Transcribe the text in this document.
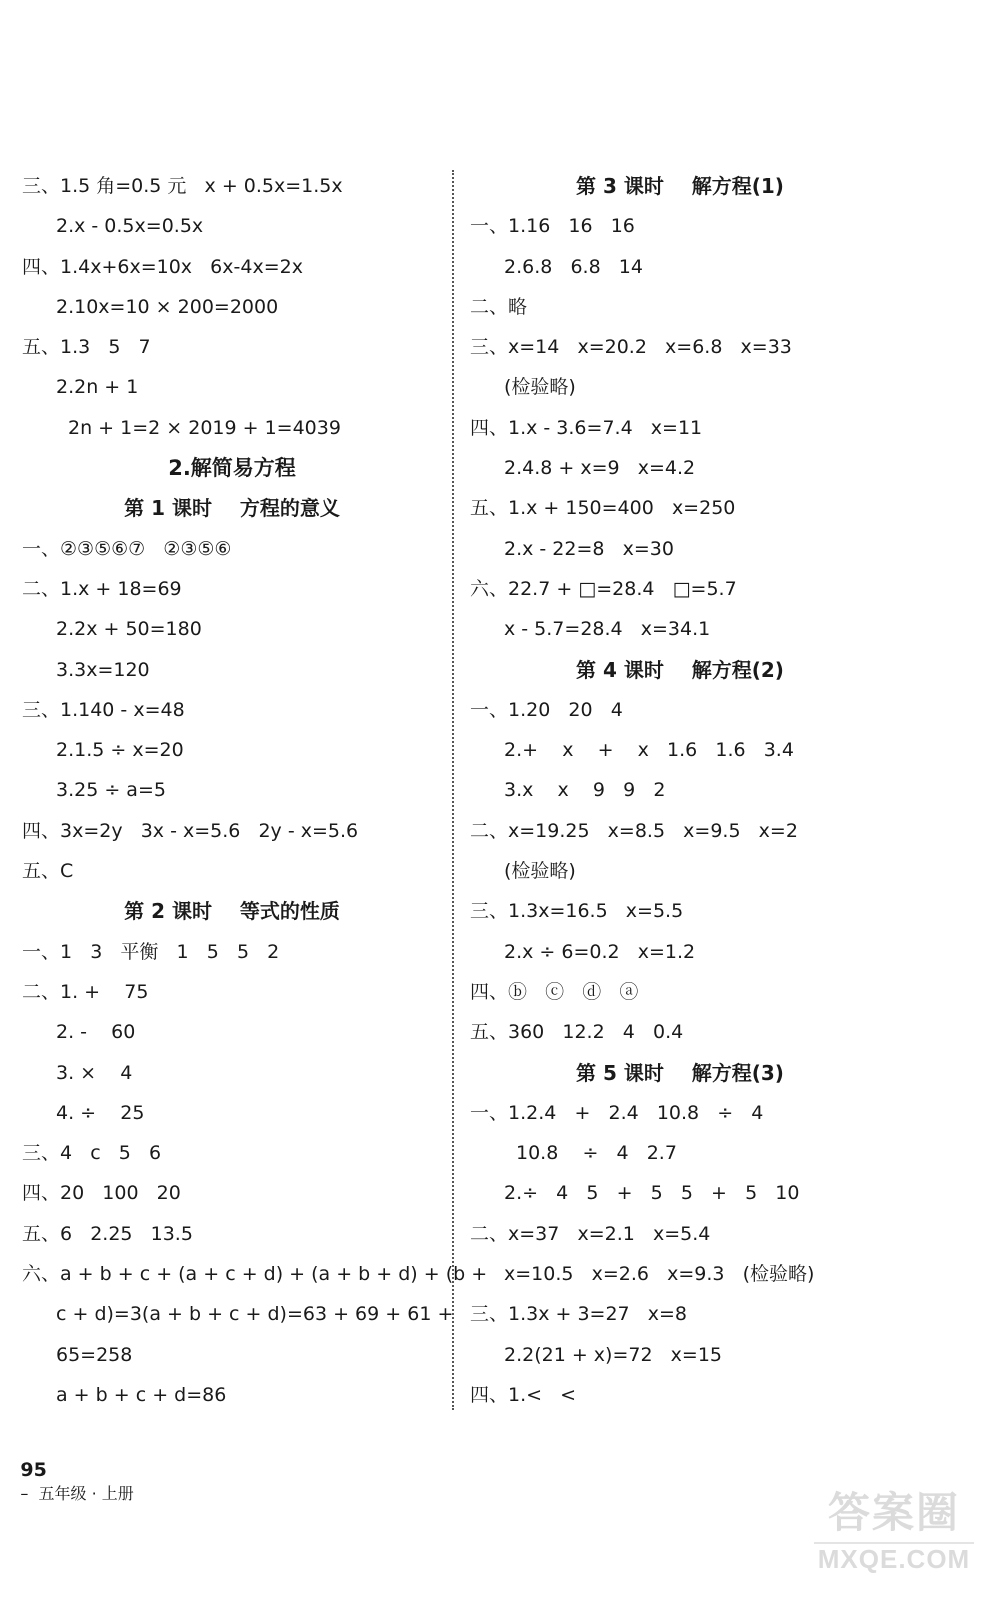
三、1.5 角=0.5 元   x + 0.5x=1.5x
2.x - 0.5x=0.5x
四、1.4x+6x=10x   6x-4x=2x
2.10x=10 × 200=2000
五、1.3   5   7
2.2n + 1
2n + 1=2 × 2019 + 1=4039
2.解简易方程
第 1 课时    方程的意义
一、②③⑤⑥⑦   ②③⑤⑥
二、1.x + 18=69
2.2x + 50=180
3.3x=120
三、1.140 - x=48
2.1.5 ÷ x=20
3.25 ÷ a=5
四、3x=2y   3x - x=5.6   2y - x=5.6
五、C
第 2 课时    等式的性质
一、1   3   平衡   1   5   5   2
二、1. +    75
2. -    60
3. ×    4
4. ÷    25
三、4   c   5   6
四、20   100   20
五、6   2.25   13.5
六、a + b + c + (a + c + d) + (a + b + d) + (b +
c + d)=3(a + b + c + d)=63 + 69 + 61 +
65=258
a + b + c + d=86
第 3 课时    解方程(1)
一、1.16   16   16
2.6.8   6.8   14
二、略
三、x=14   x=20.2   x=6.8   x=33
(检验略)
四、1.x - 3.6=7.4   x=11
2.4.8 + x=9   x=4.2
五、1.x + 150=400   x=250
2.x - 22=8   x=30
六、22.7 + □=28.4   □=5.7
x - 5.7=28.4   x=34.1
第 4 课时    解方程(2)
一、1.20   20   4
2.+    x    +    x   1.6   1.6   3.4
3.x    x    9   9   2
二、x=19.25   x=8.5   x=9.5   x=2
(检验略)
三、1.3x=16.5   x=5.5
2.x ÷ 6=0.2   x=1.2
四、ⓑ   ⓒ   ⓓ   ⓐ
五、360   12.2   4   0.4
第 5 课时    解方程(3)
一、1.2.4   +   2.4   10.8   ÷   4
10.8    ÷   4   2.7
2.÷   4   5   +   5   5   +   5   10
二、x=37   x=2.1   x=5.4
x=10.5   x=2.6   x=9.3   (检验略)
三、1.3x + 3=27   x=8
2.2(21 + x)=72   x=15
四、1.<   <

95
–  五年级 · 上册
	答案圈
MXQE.COM
